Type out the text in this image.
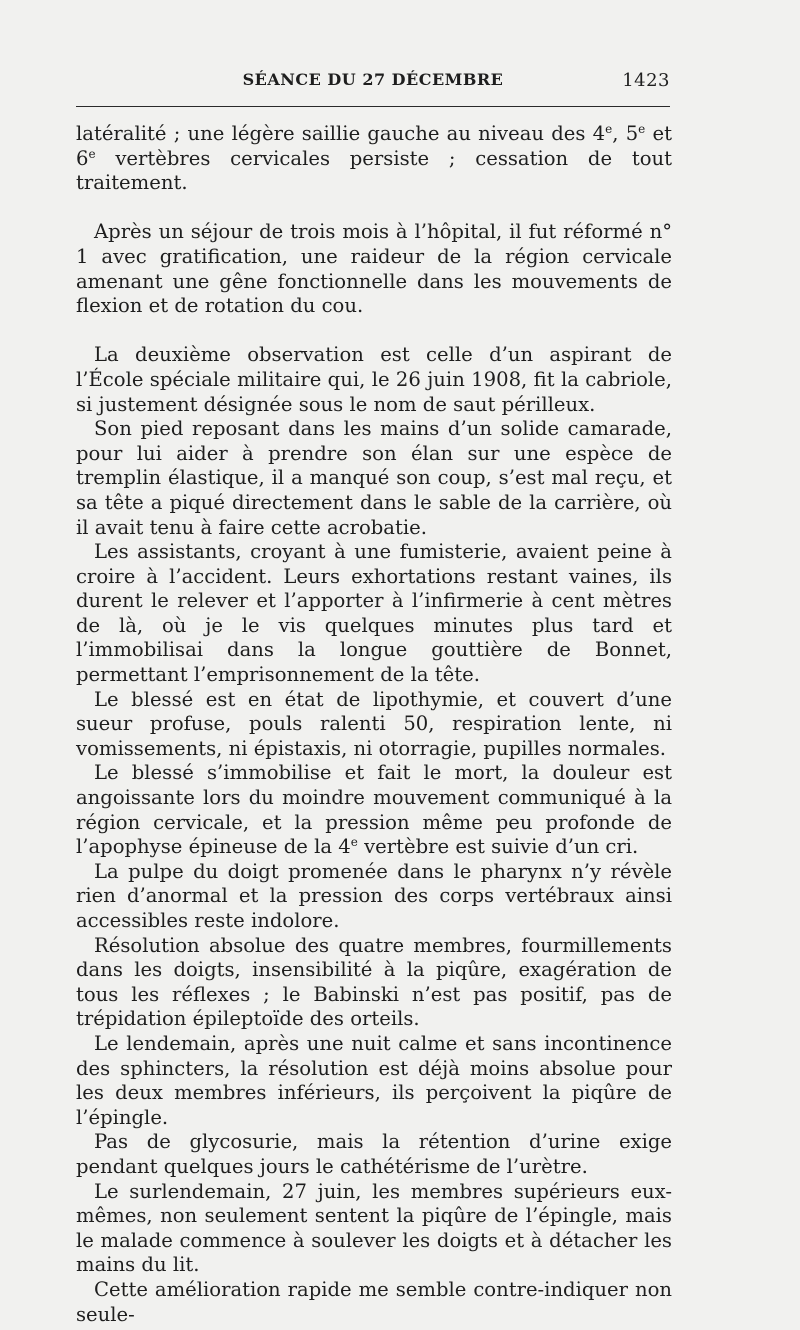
SÉANCE DU 27 DÉCEMBRE	1423

latéralité ; une légère saillie gauche au niveau des 4e, 5e et 6e vertèbres cervicales persiste ; cessation de tout traitement.

Après un séjour de trois mois à l’hôpital, il fut réformé n° 1 avec gratification, une raideur de la région cervicale amenant une gêne fonctionnelle dans les mouvements de flexion et de rotation du cou.

La deuxième observation est celle d’un aspirant de l’École spéciale militaire qui, le 26 juin 1908, fit la cabriole, si justement désignée sous le nom de saut périlleux.

Son pied reposant dans les mains d’un solide camarade, pour lui aider à prendre son élan sur une espèce de tremplin élastique, il a manqué son coup, s’est mal reçu, et sa tête a piqué directement dans le sable de la carrière, où il avait tenu à faire cette acrobatie.

Les assistants, croyant à une fumisterie, avaient peine à croire à l’accident. Leurs exhortations restant vaines, ils durent le relever et l’apporter à l’infirmerie à cent mètres de là, où je le vis quelques minutes plus tard et l’immobilisai dans la longue gouttière de Bonnet, permettant l’emprisonnement de la tête.

Le blessé est en état de lipothymie, et couvert d’une sueur profuse, pouls ralenti 50, respiration lente, ni vomissements, ni épistaxis, ni otorragie, pupilles normales.

Le blessé s’immobilise et fait le mort, la douleur est angoissante lors du moindre mouvement communiqué à la région cervicale, et la pression même peu profonde de l’apophyse épineuse de la 4e vertèbre est suivie d’un cri.

La pulpe du doigt promenée dans le pharynx n’y révèle rien d’anormal et la pression des corps vertébraux ainsi accessibles reste indolore.

Résolution absolue des quatre membres, fourmillements dans les doigts, insensibilité à la piqûre, exagération de tous les réflexes ; le Babinski n’est pas positif, pas de trépidation épileptoïde des orteils.

Le lendemain, après une nuit calme et sans incontinence des sphincters, la résolution est déjà moins absolue pour les deux membres inférieurs, ils perçoivent la piqûre de l’épingle.

Pas de glycosurie, mais la rétention d’urine exige pendant quelques jours le cathétérisme de l’urètre.

Le surlendemain, 27 juin, les membres supérieurs eux-mêmes, non seulement sentent la piqûre de l’épingle, mais le malade commence à soulever les doigts et à détacher les mains du lit.

Cette amélioration rapide me semble contre-indiquer non seule-
